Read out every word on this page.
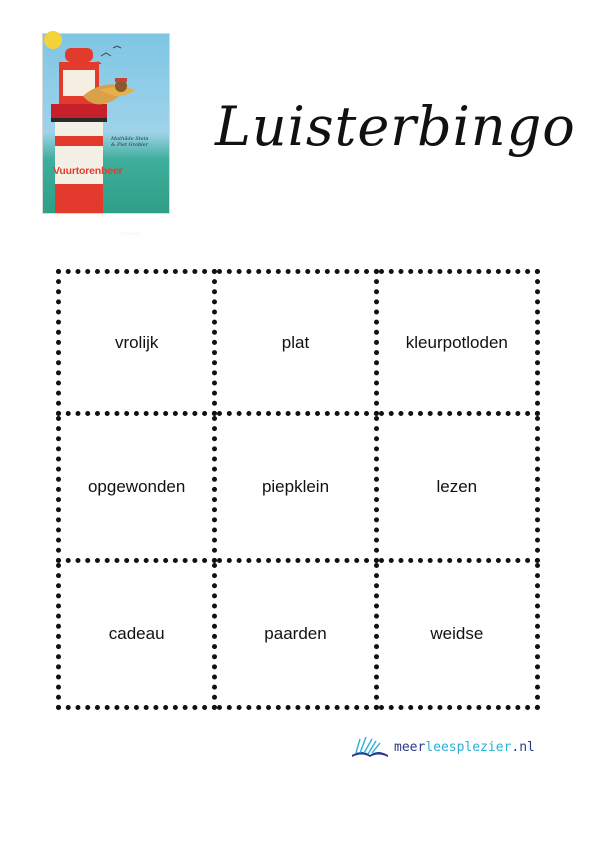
Mathilde Stein
& Piet Grobler
Vuurtorenbeer
lemniscaat
Luisterbingo
vrolijk	plat	kleurpotloden
opgewonden	piepklein	lezen
cadeau	paarden	weidse
meerleesplezier.nl
